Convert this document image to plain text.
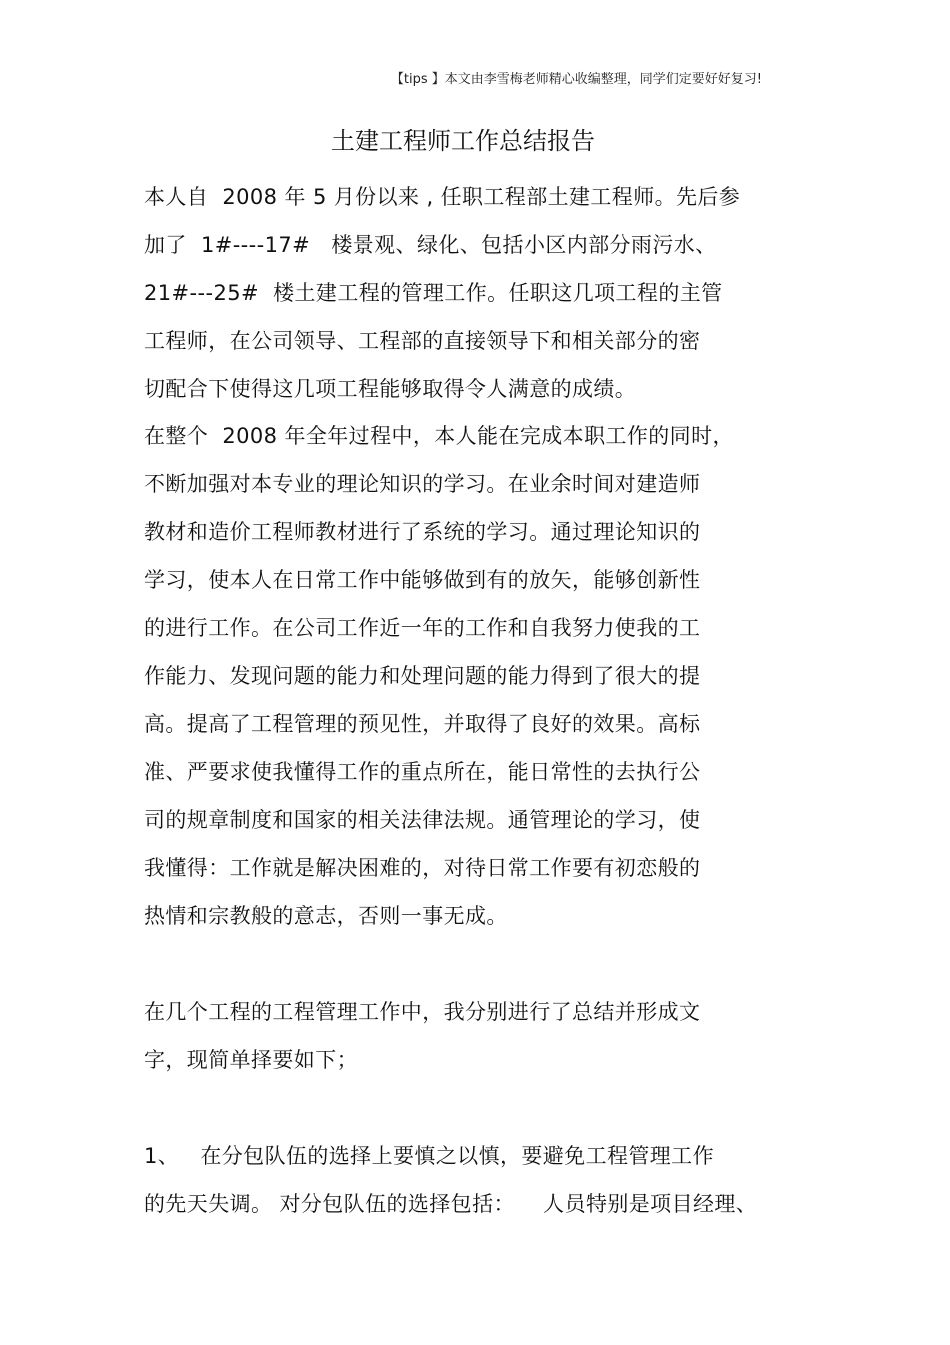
【tips 】本文由李雪梅老师精心收编整理，同学们定要好好复习!
土建工程师工作总结报告
本人自  2008 年 5 月份以来 , 任职工程部土建工程师。先后参
加了  1#----17#   楼景观、绿化、包括小区内部分雨污水、
21#---25#  楼土建工程的管理工作。任职这几项工程的主管
工程师，在公司领导、工程部的直接领导下和相关部分的密
切配合下使得这几项工程能够取得令人满意的成绩。
在整个  2008 年全年过程中，本人能在完成本职工作的同时，
不断加强对本专业的理论知识的学习。在业余时间对建造师
教材和造价工程师教材进行了系统的学习。通过理论知识的
学习，使本人在日常工作中能够做到有的放矢，能够创新性
的进行工作。在公司工作近一年的工作和自我努力使我的工
作能力、发现问题的能力和处理问题的能力得到了很大的提
高。提高了工程管理的预见性，并取得了良好的效果。高标
准、严要求使我懂得工作的重点所在，能日常性的去执行公
司的规章制度和国家的相关法律法规。通管理论的学习，使
我懂得：工作就是解决困难的，对待日常工作要有初恋般的
热情和宗教般的意志，否则一事无成。
在几个工程的工程管理工作中，我分别进行了总结并形成文
字，现简单择要如下；
1、   在分包队伍的选择上要慎之以慎，要避免工程管理工作
的先天失调。 对分包队伍的选择包括：    人员特别是项目经理、
